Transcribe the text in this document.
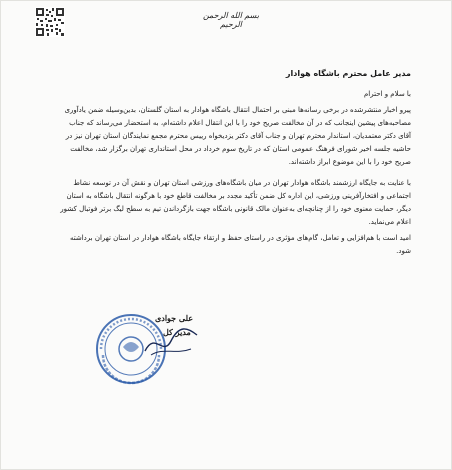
بسم الله الرحمن الرحیم
مدیر عامل محترم باشگاه هوادار
با سلام و احترام
پیرو اخبار منتشرشده در برخی رسانه‌ها مبنی بر احتمال انتقال باشگاه هوادار به استان گلستان، بدین‌وسیله ضمن یادآوری مصاحبه‌های پیشین اینجانب که در آن مخالفت صریح خود را با این انتقال اعلام داشته‌ام، به استحضار می‌رساند که جناب آقای دکتر معتمدیان، استاندار محترم تهران و جناب آقای دکتر یزدیخواه رییس محترم مجمع نمایندگان استان تهران نیز در حاشیه جلسه اخیر شورای فرهنگ عمومی استان که در تاریخ سوم خرداد در محل استانداری تهران برگزار شد، مخالفت صریح خود را با این موضوع ابراز داشته‌اند.
با عنایت به جایگاه ارزشمند باشگاه هوادار تهران در میان باشگاه‌های ورزشی استان تهران و نقش آن در توسعه نشاط اجتماعی و افتخارآفرینی ورزشی، این اداره کل ضمن تأکید مجدد بر مخالفت قاطع خود با هرگونه انتقال باشگاه به استان دیگر، حمایت معنوی خود را از چنانچه‌ای به‌عنوان مالک قانونی باشگاه جهت بازگرداندن تیم به سطح لیگ برتر فوتبال کشور اعلام می‌نماید.
امید است با هم‌افزایی و تعامل، گام‌های مؤثری در راستای حفظ و ارتقاء جایگاه باشگاه هوادار در استان تهران برداشته شود.
علی جوادی
مدیر کل
